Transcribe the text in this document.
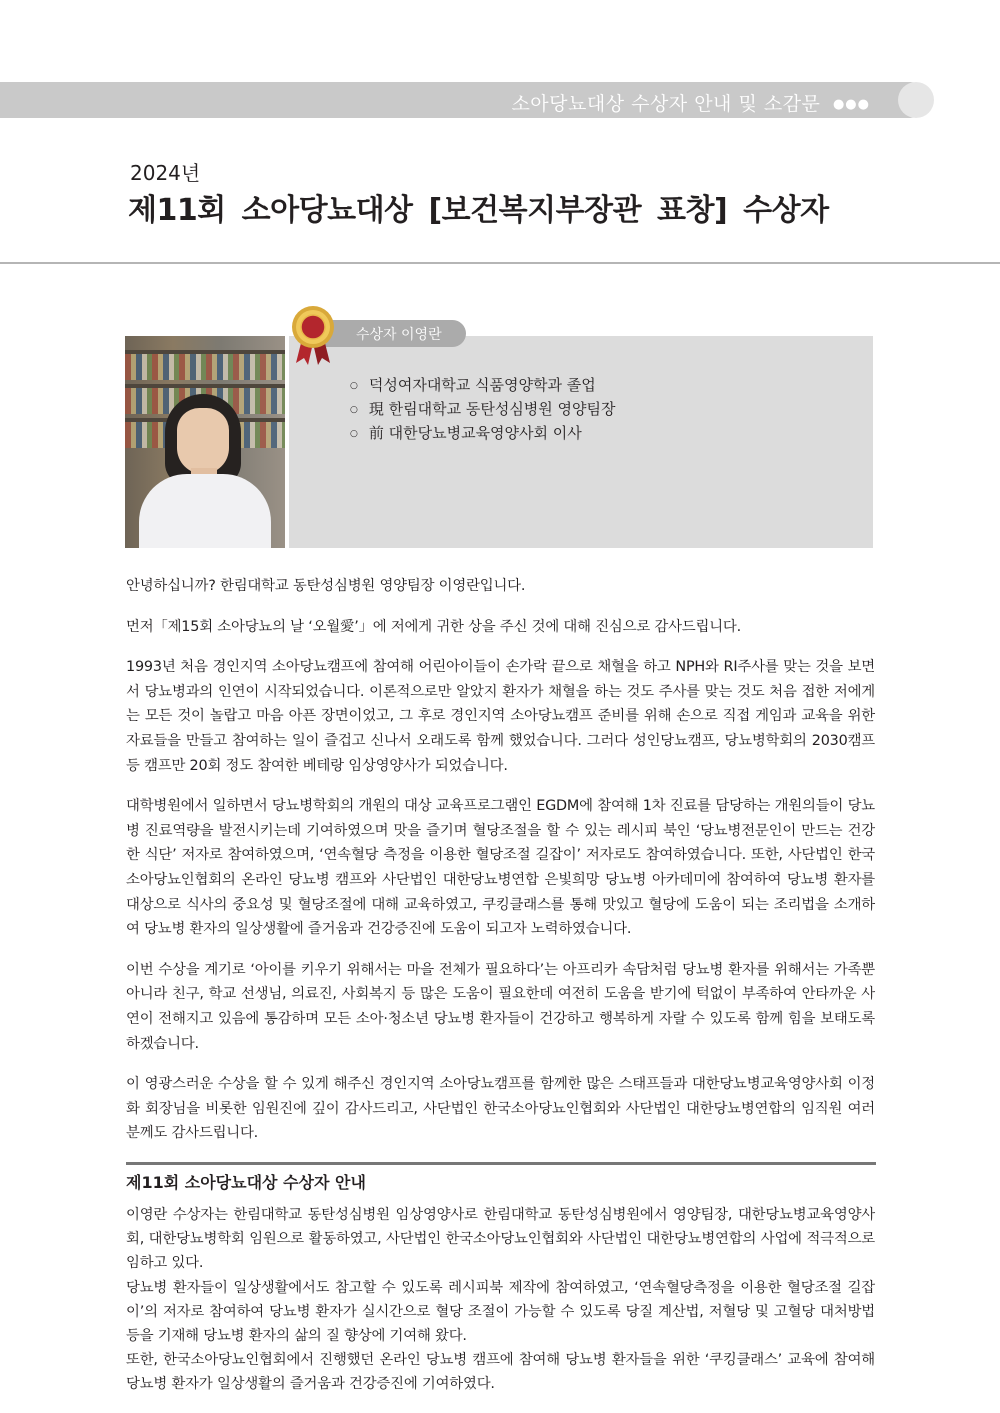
소아당뇨대상 수상자 안내 및 소감문 ●●●
2024년
제11회 소아당뇨대상 [보건복지부장관 표창] 수상자
수상자 이영란
○ 덕성여자대학교 식품영양학과 졸업
○ 現 한림대학교 동탄성심병원 영양팀장
○ 前 대한당뇨병교육영양사회 이사

안녕하십니까? 한림대학교 동탄성심병원 영양팀장 이영란입니다.

먼저「제15회 소아당뇨의 날 ‘오월愛’」에 저에게 귀한 상을 주신 것에 대해 진심으로 감사드립니다.

1993년 처음 경인지역 소아당뇨캠프에 참여해 어린아이들이 손가락 끝으로 채혈을 하고 NPH와 RI주사를 맞는 것을 보면서 당뇨병과의 인연이 시작되었습니다. 이론적으로만 알았지 환자가 채혈을 하는 것도 주사를 맞는 것도 처음 접한 저에게는 모든 것이 놀랍고 마음 아픈 장면이었고, 그 후로 경인지역 소아당뇨캠프 준비를 위해 손으로 직접 게임과 교육을 위한 자료들을 만들고 참여하는 일이 즐겁고 신나서 오래도록 함께 했었습니다. 그러다 성인당뇨캠프, 당뇨병학회의 2030캠프 등 캠프만 20회 정도 참여한 베테랑 임상영양사가 되었습니다.

대학병원에서 일하면서 당뇨병학회의 개원의 대상 교육프로그램인 EGDM에 참여해 1차 진료를 담당하는 개원의들이 당뇨병 진료역량을 발전시키는데 기여하였으며 맛을 즐기며 혈당조절을 할 수 있는 레시피 북인 ‘당뇨병전문인이 만드는 건강한 식단’ 저자로 참여하였으며, ‘연속혈당 측정을 이용한 혈당조절 길잡이’ 저자로도 참여하였습니다. 또한, 사단법인 한국소아당뇨인협회의 온라인 당뇨병 캠프와 사단법인 대한당뇨병연합 은빛희망 당뇨병 아카데미에 참여하여 당뇨병 환자를 대상으로 식사의 중요성 및 혈당조절에 대해 교육하였고, 쿠킹클래스를 통해 맛있고 혈당에 도움이 되는 조리법을 소개하여 당뇨병 환자의 일상생활에 즐거움과 건강증진에 도움이 되고자 노력하였습니다.

이번 수상을 계기로 ‘아이를 키우기 위해서는 마을 전체가 필요하다’는 아프리카 속담처럼 당뇨병 환자를 위해서는 가족뿐 아니라 친구, 학교 선생님, 의료진, 사회복지 등 많은 도움이 필요한데 여전히 도움을 받기에 턱없이 부족하여 안타까운 사연이 전해지고 있음에 통감하며 모든 소아·청소년 당뇨병 환자들이 건강하고 행복하게 자랄 수 있도록 함께 힘을 보태도록 하겠습니다.

이 영광스러운 수상을 할 수 있게 해주신 경인지역 소아당뇨캠프를 함께한 많은 스태프들과 대한당뇨병교육영양사회 이정화 회장님을 비롯한 임원진에 깊이 감사드리고, 사단법인 한국소아당뇨인협회와 사단법인 대한당뇨병연합의 임직원 여러분께도 감사드립니다.

제11회 소아당뇨대상 수상자 안내

이영란 수상자는 한림대학교 동탄성심병원 임상영양사로 한림대학교 동탄성심병원에서 영양팀장, 대한당뇨병교육영양사회, 대한당뇨병학회 임원으로 활동하였고, 사단법인 한국소아당뇨인협회와 사단법인 대한당뇨병연합의 사업에 적극적으로 임하고 있다.

당뇨병 환자들이 일상생활에서도 참고할 수 있도록 레시피북 제작에 참여하였고, ‘연속혈당측정을 이용한 혈당조절 길잡이’의 저자로 참여하여 당뇨병 환자가 실시간으로 혈당 조절이 가능할 수 있도록 당질 계산법, 저혈당 및 고혈당 대처방법 등을 기재해 당뇨병 환자의 삶의 질 향상에 기여해 왔다.

또한, 한국소아당뇨인협회에서 진행했던 온라인 당뇨병 캠프에 참여해 당뇨병 환자들을 위한 ‘쿠킹클래스’ 교육에 참여해 당뇨병 환자가 일상생활의 즐거움과 건강증진에 기여하였다.
